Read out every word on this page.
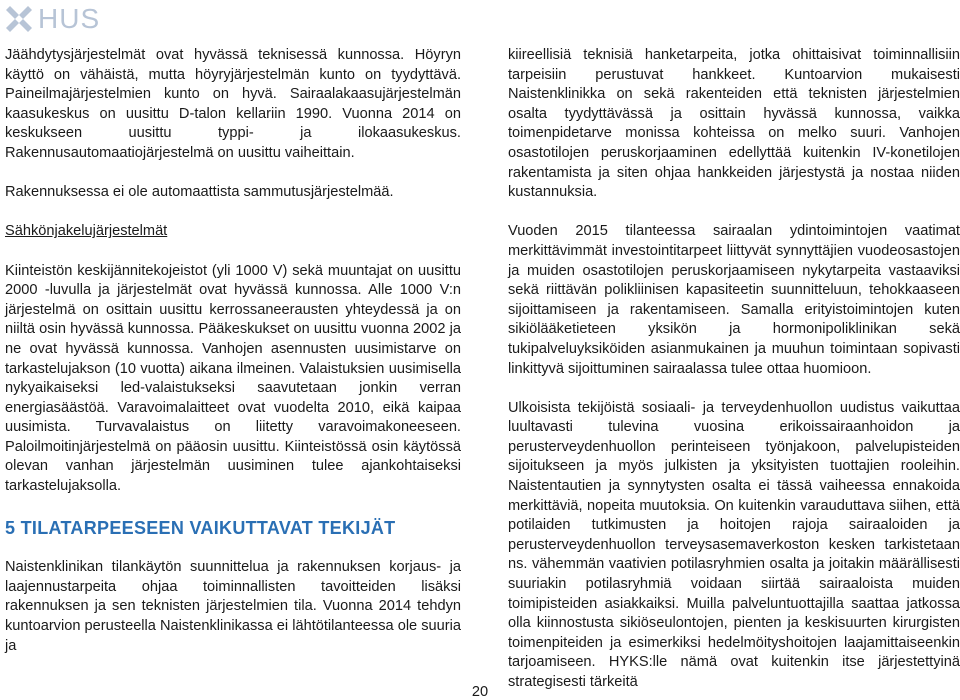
HUS

Jäähdytysjärjestelmät ovat hyvässä teknisessä kunnossa. Höyryn käyttö on vähäistä, mutta höyryjärjestelmän kunto on tyydyttävä. Paineilmajärjestelmien kunto on hyvä. Sairaalakaasujärjestelmän kaasukeskus on uusittu D-talon kellariin 1990. Vuonna 2014 on keskukseen uusittu typpi- ja ilokaasukeskus. Rakennusautomaatiojärjestelmä on uusittu vaiheittain.

Rakennuksessa ei ole automaattista sammutusjärjestelmää.

Sähkönjakelujärjestelmät

Kiinteistön keskijännitekojeistot (yli 1000 V) sekä muuntajat on uusittu 2000 -luvulla ja järjestelmät ovat hyvässä kunnossa. Alle 1000 V:n järjestelmä on osittain uusittu kerrossaneerausten yhteydessä ja on niiltä osin hyvässä kunnossa. Pääkeskukset on uusittu vuonna 2002 ja ne ovat hyvässä kunnossa. Vanhojen asennusten uusimistarve on tarkastelujakson (10 vuotta) aikana ilmeinen. Valaistuksien uusimisella nykyaikaiseksi led-valaistukseksi saavutetaan jonkin verran energiasäästöä. Varavoimalaitteet ovat vuodelta 2010, eikä kaipaa uusimista. Turvavalaistus on liitetty varavoimakoneeseen. Paloilmoitinjärjestelmä on pääosin uusittu. Kiinteistössä osin käytössä olevan vanhan järjestelmän uusiminen tulee ajankohtaiseksi tarkastelujaksolla.

5 TILATARPEESEEN VAIKUTTAVAT TEKIJÄT

Naistenklinikan tilankäytön suunnittelua ja rakennuksen korjaus- ja laajennustarpeita ohjaa toiminnallisten tavoitteiden lisäksi rakennuksen ja sen teknisten järjestelmien tila. Vuonna 2014 tehdyn kuntoarvion perusteella Naistenklinikassa ei lähtötilanteessa ole suuria ja

kiireellisiä teknisiä hanketarpeita, jotka ohittaisivat toiminnallisiin tarpeisiin perustuvat hankkeet. Kuntoarvion mukaisesti Naistenklinikka on sekä rakenteiden että teknisten järjestelmien osalta tyydyttävässä ja osittain hyvässä kunnossa, vaikka toimenpidetarve monissa kohteissa on melko suuri. Vanhojen osastotilojen peruskorjaaminen edellyttää kuitenkin IV-konetilojen rakentamista ja siten ohjaa hankkeiden järjestystä ja nostaa niiden kustannuksia.

Vuoden 2015 tilanteessa sairaalan ydintoimintojen vaatimat merkittävimmät investointitarpeet liittyvät synnyttäjien vuodeosastojen ja muiden osastotilojen peruskorjaamiseen nykytarpeita vastaaviksi sekä riittävän polikliinisen kapasiteetin suunnitteluun, tehokkaaseen sijoittamiseen ja rakentamiseen. Samalla erityistoimintojen kuten sikiölääketieteen yksikön ja hormonipoliklinikan sekä tukipalveluyksiköiden asianmukainen ja muuhun toimintaan sopivasti linkittyvä sijoittuminen sairaalassa tulee ottaa huomioon.

Ulkoisista tekijöistä sosiaali- ja terveydenhuollon uudistus vaikuttaa luultavasti tulevina vuosina erikoissairaanhoidon ja perusterveydenhuollon perinteiseen työnjakoon, palvelupisteiden sijoitukseen ja myös julkisten ja yksityisten tuottajien rooleihin. Naistentautien ja synnytysten osalta ei tässä vaiheessa ennakoida merkittäviä, nopeita muutoksia. On kuitenkin varauduttava siihen, että potilaiden tutkimusten ja hoitojen rajoja sairaaloiden ja perusterveydenhuollon terveysasemaverkoston kesken tarkistetaan ns. vähemmän vaativien potilasryhmien osalta ja joitakin määrällisesti suuriakin potilasryhmiä voidaan siirtää sairaaloista muiden toimipisteiden asiakkaiksi. Muilla palveluntuottajilla saattaa jatkossa olla kiinnostusta sikiöseulontojen, pienten ja keskisuurten kirurgisten toimenpiteiden ja esimerkiksi hedelmöityshoitojen laajamittaiseenkin tarjoamiseen. HYKS:lle nämä ovat kuitenkin itse järjestettyinä strategisesti tärkeitä

20
